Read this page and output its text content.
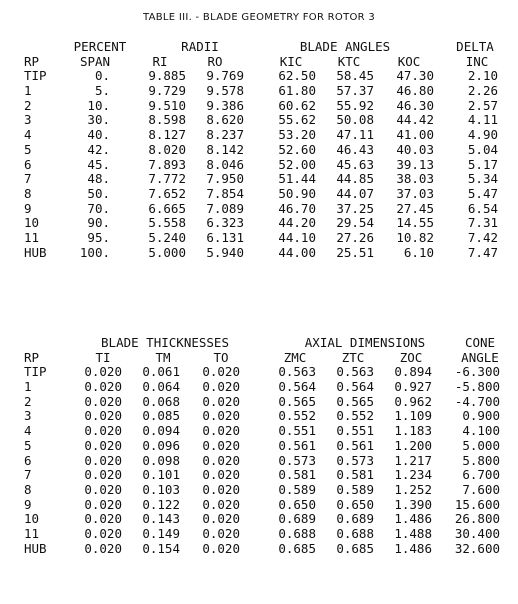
TABLE III. - BLADE GEOMETRY FOR ROTOR 3
PERCENT	RADII	BLADE ANGLES	DELTA
RP	SPAN	RI	RO	KIC	KTC	KOC	INC
TIP	0.	9.885	9.769	62.50	58.45	47.30	2.10
1	5.	9.729	9.578	61.80	57.37	46.80	2.26
2	10.	9.510	9.386	60.62	55.92	46.30	2.57
3	30.	8.598	8.620	55.62	50.08	44.42	4.11
4	40.	8.127	8.237	53.20	47.11	41.00	4.90
5	42.	8.020	8.142	52.60	46.43	40.03	5.04
6	45.	7.893	8.046	52.00	45.63	39.13	5.17
7	48.	7.772	7.950	51.44	44.85	38.03	5.34
8	50.	7.652	7.854	50.90	44.07	37.03	5.47
9	70.	6.665	7.089	46.70	37.25	27.45	6.54
10	90.	5.558	6.323	44.20	29.54	14.55	7.31
11	95.	5.240	6.131	44.10	27.26	10.82	7.42
HUB	100.	5.000	5.940	44.00	25.51	6.10	7.47
BLADE THICKNESSES	AXIAL DIMENSIONS	CONE
RP	TI	TM	TO	ZMC	ZTC	ZOC	ANGLE
TIP	0.020	0.061	0.020	0.563	0.563	0.894	-6.300
1	0.020	0.064	0.020	0.564	0.564	0.927	-5.800
2	0.020	0.068	0.020	0.565	0.565	0.962	-4.700
3	0.020	0.085	0.020	0.552	0.552	1.109	0.900
4	0.020	0.094	0.020	0.551	0.551	1.183	4.100
5	0.020	0.096	0.020	0.561	0.561	1.200	5.000
6	0.020	0.098	0.020	0.573	0.573	1.217	5.800
7	0.020	0.101	0.020	0.581	0.581	1.234	6.700
8	0.020	0.103	0.020	0.589	0.589	1.252	7.600
9	0.020	0.122	0.020	0.650	0.650	1.390	15.600
10	0.020	0.143	0.020	0.689	0.689	1.486	26.800
11	0.020	0.149	0.020	0.688	0.688	1.488	30.400
HUB	0.020	0.154	0.020	0.685	0.685	1.486	32.600
